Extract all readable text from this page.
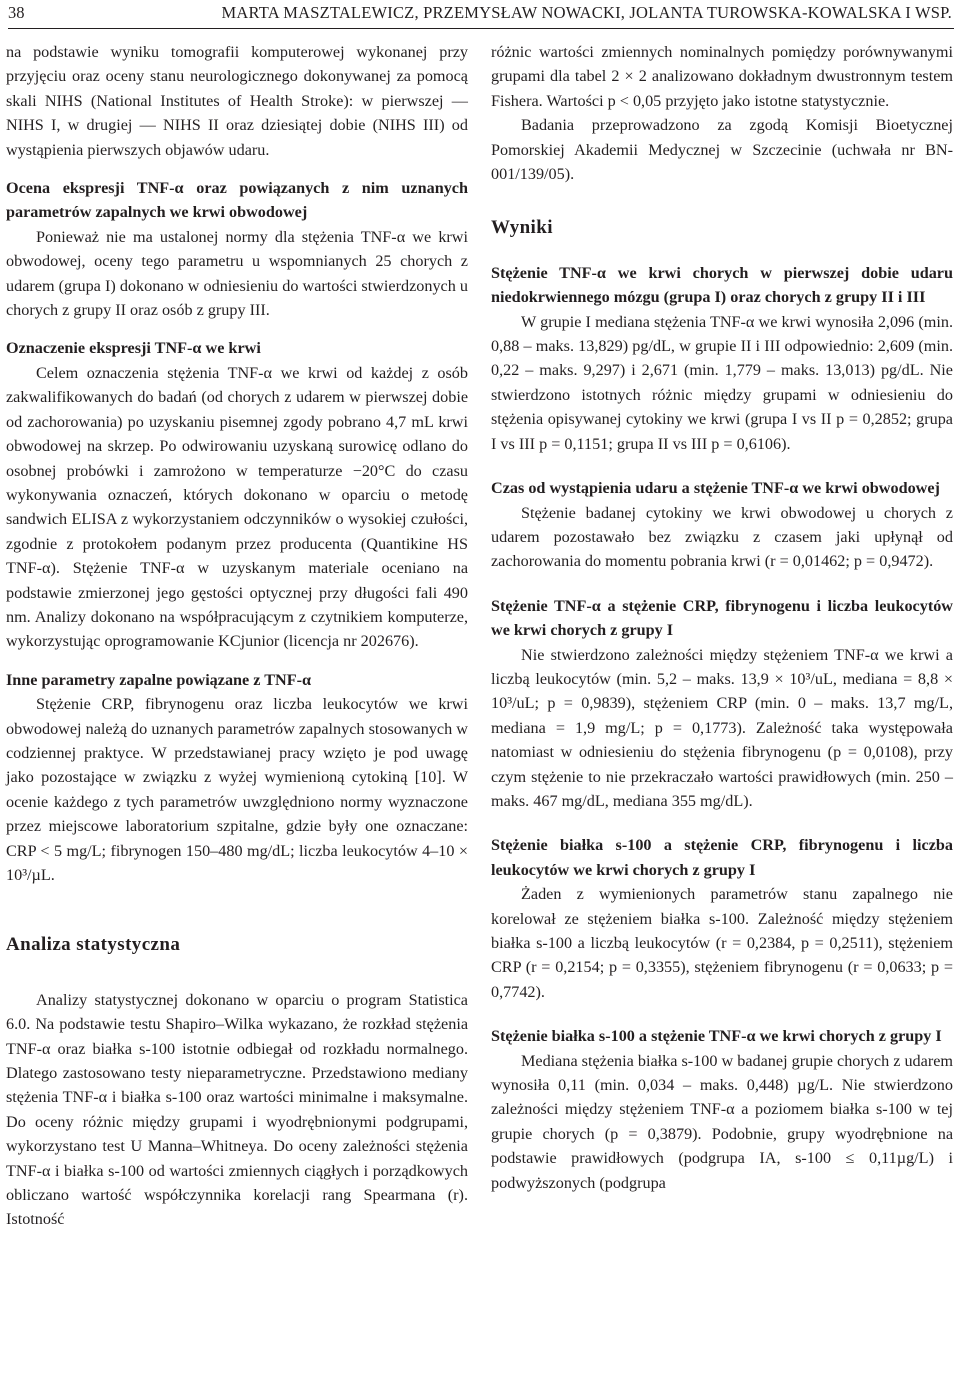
38	MARTA MASZTALEWICZ, PRZEMYSŁAW NOWACKI, JOLANTA TUROWSKA-KOWALSKA I WSP.

na podstawie wyniku tomografii komputerowej wykonanej przy przyjęciu oraz oceny stanu neurologicznego dokonywanej za pomocą skali NIHS (National Institutes of Health Stroke): w pierwszej — NIHS I, w drugiej — NIHS II oraz dziesiątej dobie (NIHS III) od wystąpienia pierwszych objawów udaru.

Ocena ekspresji TNF-α oraz powiązanych z nim uznanych parametrów zapalnych we krwi obwodowej

Ponieważ nie ma ustalonej normy dla stężenia TNF-α we krwi obwodowej, oceny tego parametru u wspomnianych 25 chorych z udarem (grupa I) dokonano w odniesieniu do wartości stwierdzonych u chorych z grupy II oraz osób z grupy III.

Oznaczenie ekspresji TNF-α we krwi

Celem oznaczenia stężenia TNF-α we krwi od każdej z osób zakwalifikowanych do badań (od chorych z udarem w pierwszej dobie od zachorowania) po uzyskaniu pisemnej zgody pobrano 4,7 mL krwi obwodowej na skrzep. Po odwirowaniu uzyskaną surowicę odlano do osobnej probówki i zamrożono w temperaturze −20°C do czasu wykonywania oznaczeń, których dokonano w oparciu o metodę sandwich ELISA z wykorzystaniem odczynników o wysokiej czułości, zgodnie z protokołem podanym przez producenta (Quantikine HS TNF-α). Stężenie TNF-α w uzyskanym materiale oceniano na podstawie zmierzonej jego gęstości optycznej przy długości fali 490 nm. Analizy dokonano na współpracującym z czytnikiem komputerze, wykorzystując oprogramowanie KCjunior (licencja nr 202676).

Inne parametry zapalne powiązane z TNF-α

Stężenie CRP, fibrynogenu oraz liczba leukocytów we krwi obwodowej należą do uznanych parametrów zapalnych stosowanych w codziennej praktyce. W przedstawianej pracy wzięto je pod uwagę jako pozostające w związku z wyżej wymienioną cytokiną [10]. W ocenie każdego z tych parametrów uwzględniono normy wyznaczone przez miejscowe laboratorium szpitalne, gdzie były one oznaczane: CRP < 5 mg/L; fibrynogen 150–480 mg/dL; liczba leukocytów 4–10 × 10³/µL.

Analiza statystyczna

Analizy statystycznej dokonano w oparciu o program Statistica 6.0. Na podstawie testu Shapiro–Wilka wykazano, że rozkład stężenia TNF-α oraz białka s-100 istotnie odbiegał od rozkładu normalnego. Dlatego zastosowano testy nieparametryczne. Przedstawiono mediany stężenia TNF-α i białka s-100 oraz wartości minimalne i maksymalne. Do oceny różnic między grupami i wyodrębnionymi podgrupami, wykorzystano test U Manna–Whitneya. Do oceny zależności stężenia TNF-α i białka s-100 od wartości zmiennych ciągłych i porządkowych obliczano wartość współczynnika korelacji rang Spearmana (r). Istotność

różnic wartości zmiennych nominalnych pomiędzy porównywanymi grupami dla tabel 2 × 2 analizowano dokładnym dwustronnym testem Fishera. Wartości p < 0,05 przyjęto jako istotne statystycznie.

Badania przeprowadzono za zgodą Komisji Bioetycznej Pomorskiej Akademii Medycznej w Szczecinie (uchwała nr BN-001/139/05).

Wyniki

Stężenie TNF-α we krwi chorych w pierwszej dobie udaru niedokrwiennego mózgu (grupa I) oraz chorych z grupy II i III

W grupie I mediana stężenia TNF-α we krwi wynosiła 2,096 (min. 0,88 – maks. 13,829) pg/dL, w grupie II i III odpowiednio: 2,609 (min. 0,22 – maks. 9,297) i 2,671 (min. 1,779 – maks. 13,013) pg/dL. Nie stwierdzono istotnych różnic między grupami w odniesieniu do stężenia opisywanej cytokiny we krwi (grupa I vs II p = 0,2852; grupa I vs III p = 0,1151; grupa II vs III p = 0,6106).

Czas od wystąpienia udaru a stężenie TNF-α we krwi obwodowej

Stężenie badanej cytokiny we krwi obwodowej u chorych z udarem pozostawało bez związku z czasem jaki upłynął od zachorowania do momentu pobrania krwi (r = 0,01462; p = 0,9472).

Stężenie TNF-α a stężenie CRP, fibrynogenu i liczba leukocytów we krwi chorych z grupy I

Nie stwierdzono zależności między stężeniem TNF-α we krwi a liczbą leukocytów (min. 5,2 – maks. 13,9 × 10³/uL, mediana = 8,8 × 10³/uL; p = 0,9839), stężeniem CRP (min. 0 – maks. 13,7 mg/L, mediana = 1,9 mg/L; p = 0,1773). Zależność taka występowała natomiast w odniesieniu do stężenia fibrynogenu (p = 0,0108), przy czym stężenie to nie przekraczało wartości prawidłowych (min. 250 – maks. 467 mg/dL, mediana 355 mg/dL).

Stężenie białka s-100 a stężenie CRP, fibrynogenu i liczba leukocytów we krwi chorych z grupy I

Żaden z wymienionych parametrów stanu zapalnego nie korelował ze stężeniem białka s-100. Zależność między stężeniem białka s-100 a liczbą leukocytów (r = 0,2384, p = 0,2511), stężeniem CRP (r = 0,2154; p = 0,3355), stężeniem fibrynogenu (r = 0,0633; p = 0,7742).

Stężenie białka s-100 a stężenie TNF-α we krwi chorych z grupy I

Mediana stężenia białka s-100 w badanej grupie chorych z udarem wynosiła 0,11 (min. 0,034 – maks. 0,448) µg/L. Nie stwierdzono zależności między stężeniem TNF-α a poziomem białka s-100 w tej grupie chorych (p = 0,3879). Podobnie, grupy wyodrębnione na podstawie prawidłowych (podgrupa IA, s-100 ≤ 0,11µg/L) i podwyższonych (podgrupa
